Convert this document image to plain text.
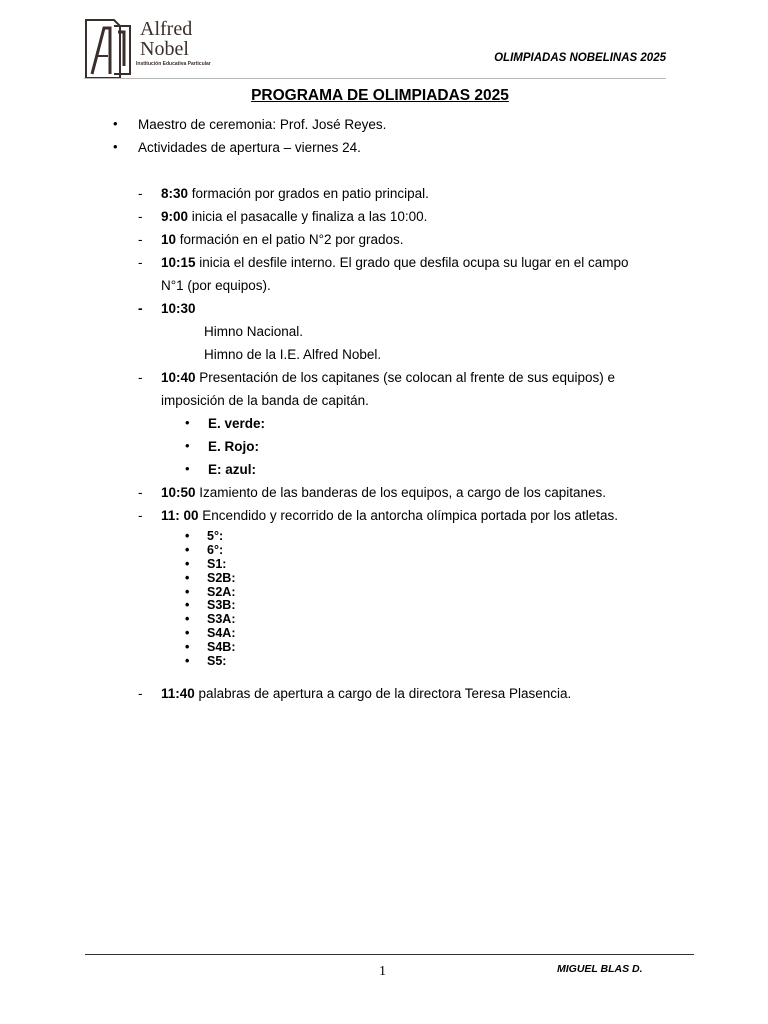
Alfred
Nobel
Institución Educativa Particular	OLIMPIADAS NOBELINAS 2025
PROGRAMA DE OLIMPIADAS 2025
• Maestro de ceremonia: Prof. José Reyes.
• Actividades de apertura – viernes 24.
- 8:30 formación por grados en patio principal.
- 9:00 inicia el pasacalle y finaliza a las 10:00.
- 10 formación en el patio N°2 por grados.
- 10:15 inicia el desfile interno. El grado que desfila ocupa su lugar en el campo
N°1 (por equipos).
- 10:30
Himno Nacional.
Himno de la I.E. Alfred Nobel.
- 10:40 Presentación de los capitanes (se colocan al frente de sus equipos) e
imposición de la banda de capitán.
• E. verde:
• E. Rojo:
• E: azul:
- 10:50 Izamiento de las banderas de los equipos, a cargo de los capitanes.
- 11: 00 Encendido y recorrido de la antorcha olímpica portada por los atletas.
• 5°:
• 6°:
• S1:
• S2B:
• S2A:
• S3B:
• S3A:
• S4A:
• S4B:
• S5:
- 11:40 palabras de apertura a cargo de la directora Teresa Plasencia.
1	MIGUEL BLAS D.
